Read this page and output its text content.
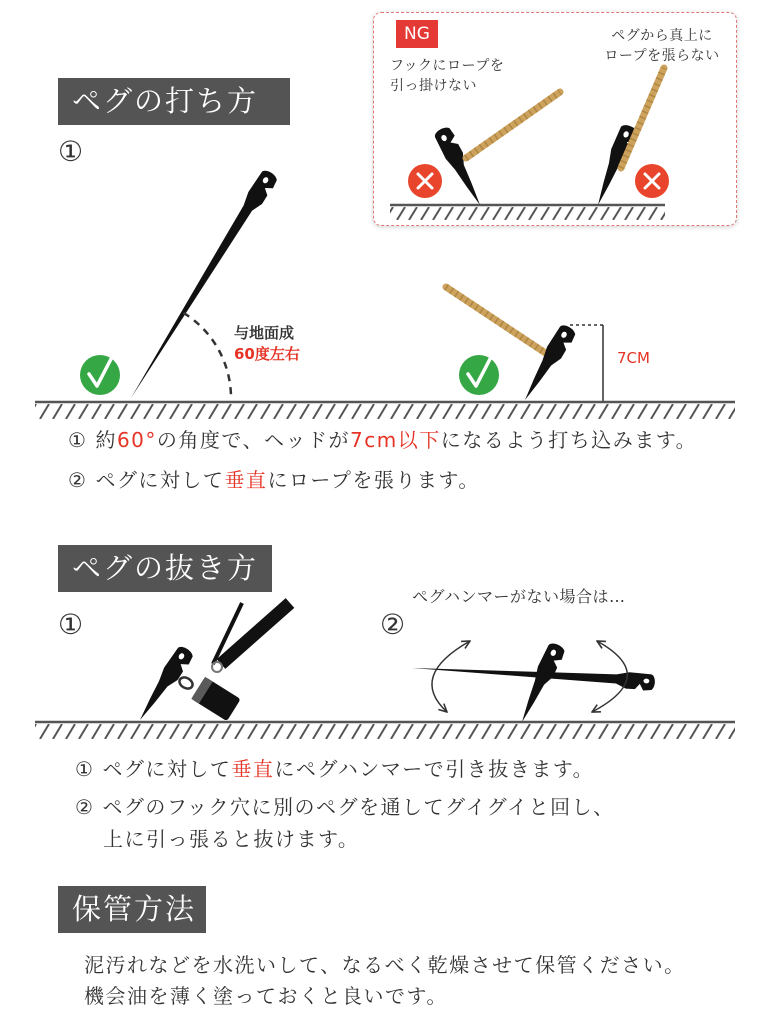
NG
フックにロープを
引っ掛けない
ペグから真上に
ロープを張らない
ペグの打ち方
①
与地面成
60度左右	7CM
① 約60°の角度で、ヘッドが7cm以下になるよう打ち込みます。
② ペグに対して垂直にロープを張ります。
ペグの抜き方
①	②
ペグハンマーがない場合は…
① ペグに対して垂直にペグハンマーで引き抜きます。
② ペグのフック穴に別のペグを通してグイグイと回し、
上に引っ張ると抜けます。
保管方法
泥汚れなどを水洗いして、なるべく乾燥させて保管ください。
機会油を薄く塗っておくと良いです。
